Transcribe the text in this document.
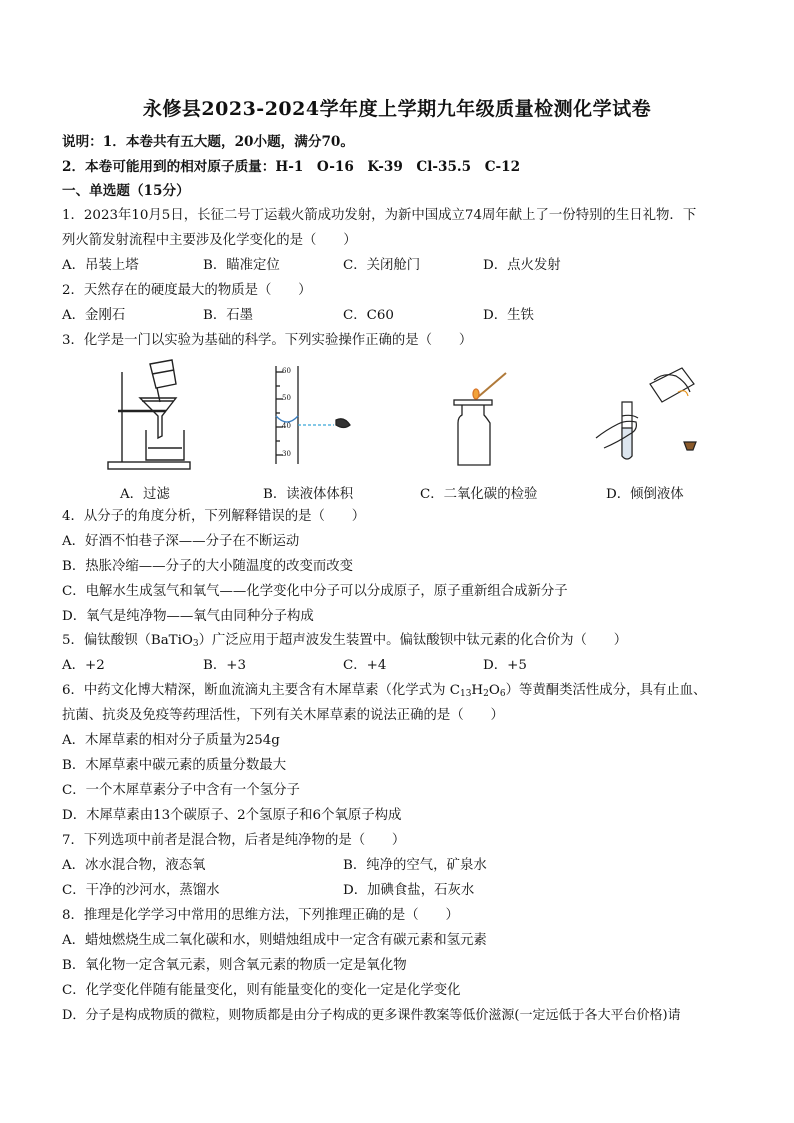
永修县2023-2024学年度上学期九年级质量检测化学试卷
说明：1．本卷共有五大题，20小题，满分70。
2．本卷可能用到的相对原子质量：H-1　O-16　K-39　Cl-35.5　C-12
一、单选题（15分）
1．2023年10月5日，长征二号丁运载火箭成功发射，为新中国成立74周年献上了一份特别的生日礼物．下
列火箭发射流程中主要涉及化学变化的是（　　）
A．吊装上塔	B．瞄准定位	C．关闭舱门	D．点火发射
2．天然存在的硬度最大的物质是（　　）
A．金刚石	B．石墨	C．C60	D．生铁
3．化学是一门以实验为基础的科学。下列实验操作正确的是（　　）
A．过滤
60
50
40
30
B．读液体体积	C．二氧化碳的检验	D．倾倒液体
4．从分子的角度分析，下列解释错误的是（　　）
A．好酒不怕巷子深——分子在不断运动
B．热胀冷缩——分子的大小随温度的改变而改变
C．电解水生成氢气和氧气——化学变化中分子可以分成原子，原子重新组合成新分子
D．氧气是纯净物——氧气由同种分子构成
5．偏钛酸钡（BaTiO$_3$）广泛应用于超声波发生装置中。偏钛酸钡中钛元素的化合价为（　　）
A．+2	B．+3	C．+4	D．+5
6．中药文化博大精深，断血流滴丸主要含有木犀草素（化学式为 $C_{13}H_2O_6$）等黄酮类活性成分，具有止血、
抗菌、抗炎及免疫等药理活性，下列有关木犀草素的说法正确的是（　　）
A．木犀草素的相对分子质量为254g
B．木犀草素中碳元素的质量分数最大
C．一个木犀草素分子中含有一个氢分子
D．木犀草素由13个碳原子、2个氢原子和6个氧原子构成
7．下列选项中前者是混合物，后者是纯净物的是（　　）
A．冰水混合物，液态氧	B．纯净的空气，矿泉水
C．干净的沙河水，蒸馏水	D．加碘食盐，石灰水
8．推理是化学学习中常用的思维方法，下列推理正确的是（　　）
A．蜡烛燃烧生成二氧化碳和水，则蜡烛组成中一定含有碳元素和氢元素
B．氧化物一定含氧元素，则含氧元素的物质一定是氧化物
C．化学变化伴随有能量变化，则有能量变化的变化一定是化学变化
D．分子是构成物质的微粒，则物质都是由分子构成的更多课件教案等低价滋源(一定远低于各大平台价格)请
